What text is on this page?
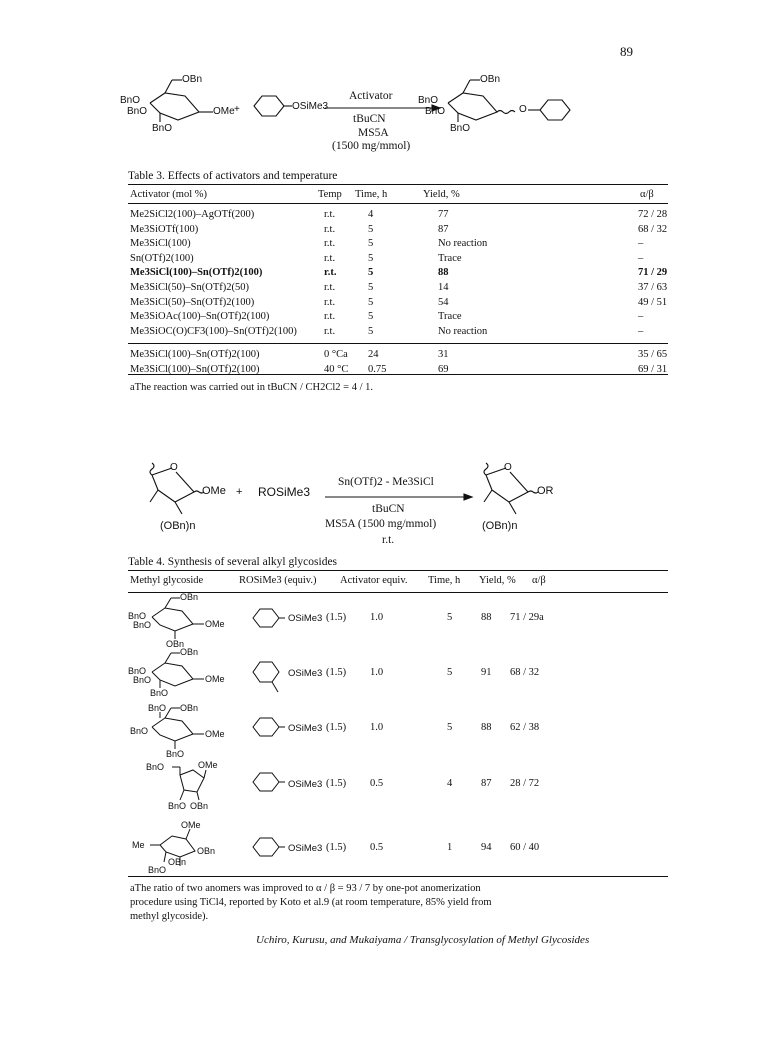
89
OBn
BnO
BnO	OMe
BnO
+	OSiMe3
Activator
tBuCN
MS5A
(1500 mg/mmol)
OBn
BnO
BnO	O
BnO
Table 3. Effects of activators and temperature
Activator (mol %)	Temp Time, h	Yield, %	α/β
Me2SiCl2(100)–AgOTf(200)	r.t.	4	77	72 / 28
Me3SiOTf(100)	r.t.	5	87	68 / 32
Me3SiCl(100)	r.t.	5	No reaction	–
Sn(OTf)2(100)	r.t.	5	Trace	–
Me3SiCl(100)–Sn(OTf)2(100)	r.t.	5	88	71 / 29
Me3SiCl(50)–Sn(OTf)2(50)	r.t.	5	14	37 / 63
Me3SiCl(50)–Sn(OTf)2(100)	r.t.	5	54	49 / 51
Me3SiOAc(100)–Sn(OTf)2(100)	r.t.	5	Trace	–
Me3SiOC(O)CF3(100)–Sn(OTf)2(100)	r.t.	5	No reaction	–
Me3SiCl(100)–Sn(OTf)2(100)	0 °Ca 24	31	35 / 65
Me3SiCl(100)–Sn(OTf)2(100)	40 °C 0.75	69	69 / 31
aThe reaction was carried out in tBuCN / CH2Cl2 = 4 / 1.
O
OMe
(OBn)n
+ ROSiMe3
Sn(OTf)2 - Me3SiCl
tBuCN
MS5A (1500 mg/mmol)
r.t.
O
OR
(OBn)n
Table 4. Synthesis of several alkyl glycosides
Methyl glycoside	ROSiMe3 (equiv.) Activator equiv. Time, h Yield, % α/β
OBn
BnO
BnO	OMe
OBn
OBn
BnO
BnO	OMe
BnO
BnO OBn
BnO	OMe
BnO
BnO	OMe
BnO OBn
OMe
Me
OBn
OBn
BnO
OSiMe3 (1.5) 1.0	5	88 71 / 29a
OSiMe3 (1.5) 1.0	5	91 68 / 32
OSiMe3 (1.5) 1.0	5	88 62 / 38
OSiMe3 (1.5) 0.5	4	87 28 / 72
OSiMe3 (1.5) 0.5	1	94 60 / 40
aThe ratio of two anomers was improved to α / β = 93 / 7 by one-pot anomerization
procedure using TiCl4, reported by Koto et al.9 (at room temperature, 85% yield from
methyl glycoside).
Uchiro, Kurusu, and Mukaiyama / Transglycosylation of Methyl Glycosides
